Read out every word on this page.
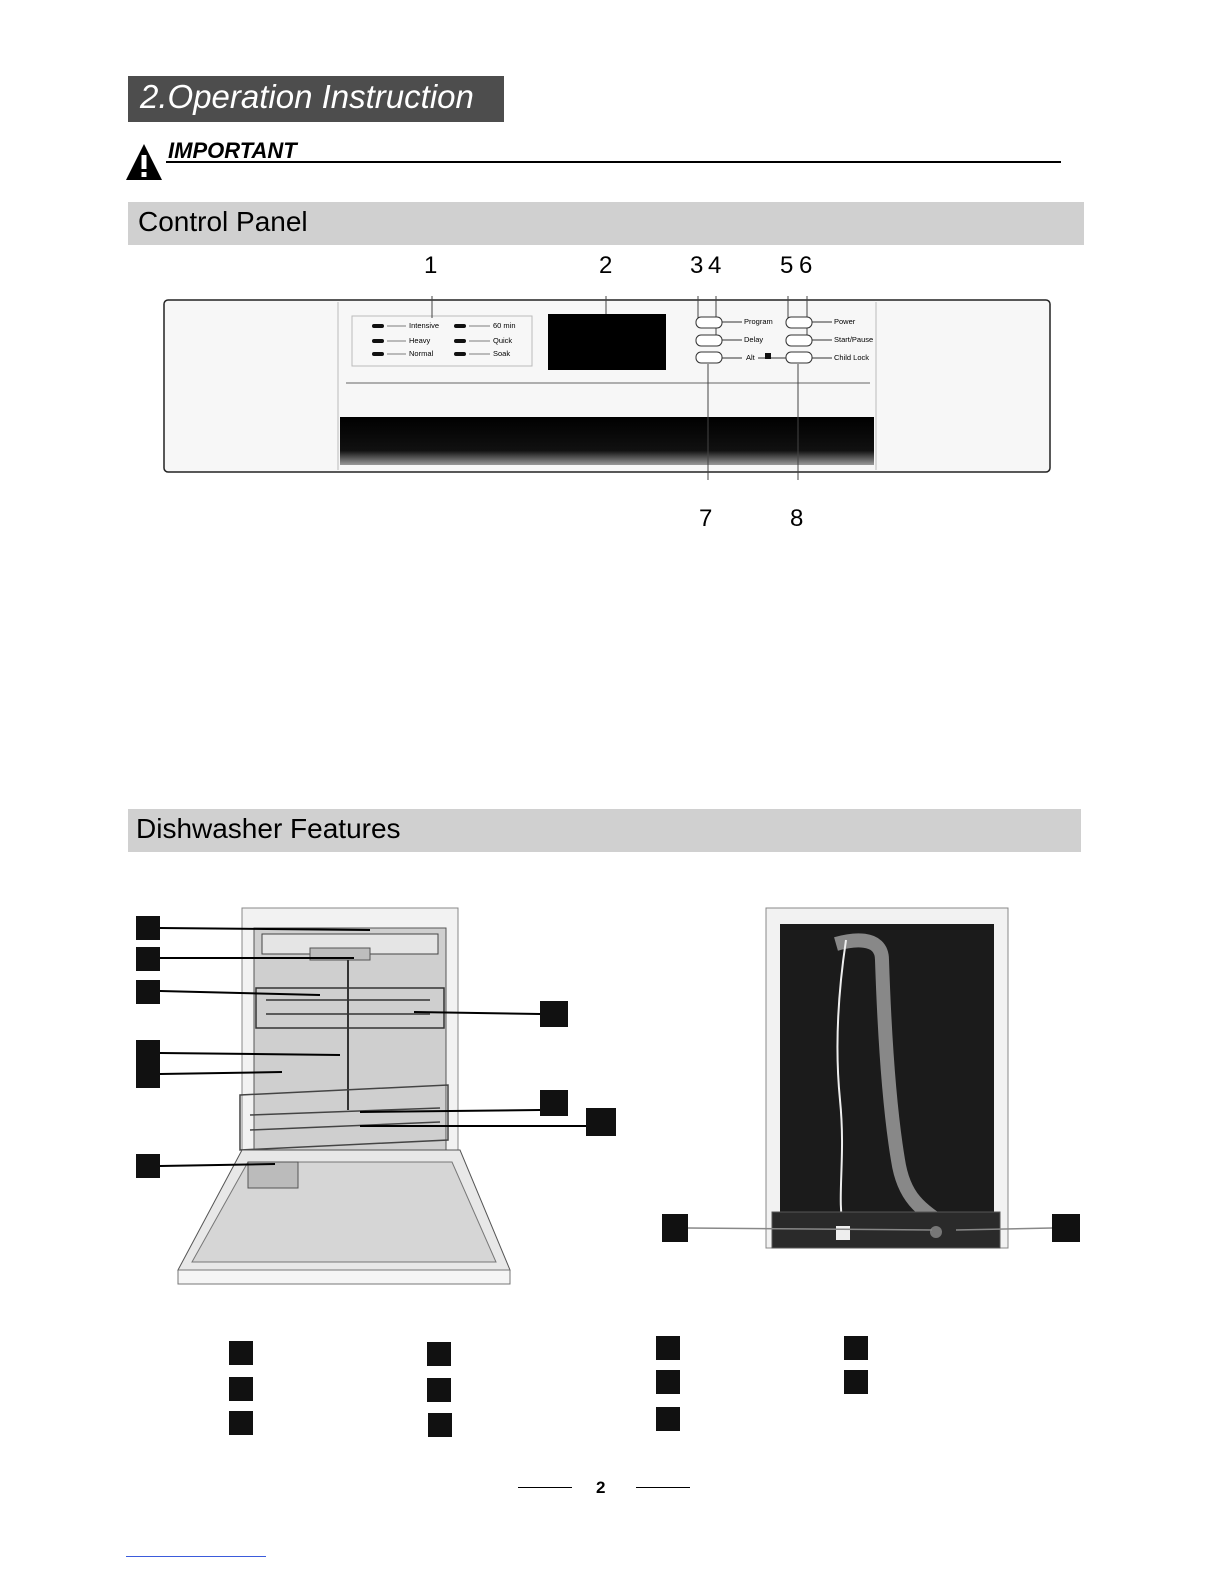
2.Operation Instruction
IMPORTANT
Control Panel
1	2	3 4 5 6
7	8
Intensive
Heavy
Normal
60 min
Quick
Soak
Program
Delay
Alt
Power
Start/Pause
Child Lock
Dishwasher Features
2
